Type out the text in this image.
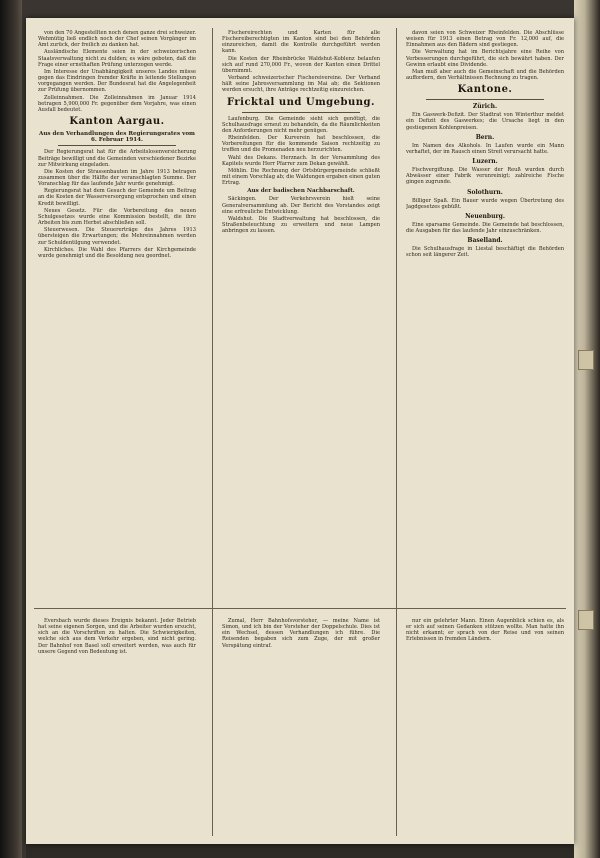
von den 70 Angestellten noch denen ganze drei schweizer. Wehmütig ließ endlich noch der Chef seinen Vorgänger im Amt zurück, der freilich zu danken hat.

Ausländische Elemente seien in der schweizerischen Staatsverwaltung nicht zu dulden; es wäre geboten, daß die Frage einer ernsthaften Prüfung unterzogen werde.

Im Interesse der Unabhängigkeit unseres Landes müsse gegen das Eindringen fremder Kräfte in leitende Stellungen vorgegangen werden. Der Bundesrat hat die Angelegenheit zur Prüfung übernommen.

Zolleinnahmen. Die Zolleinnahmen im Januar 1914 betragen 5,900,000 Fr. gegenüber dem Vorjahre, was einen Ausfall bedeutet.

Kanton Aargau.
Aus den Verhandlungen des Regierungsrates vom 6. Februar 1914.

Der Regierungsrat hat für die Arbeitslosenversicherung Beiträge bewilligt und die Gemeinden verschiedener Bezirke zur Mitwirkung eingeladen.

Die Kosten der Strassenbauten im Jahre 1913 betragen zusammen über die Hälfte der veranschlagten Summe. Der Voranschlag für das laufende Jahr wurde genehmigt.

Regierungsrat hat dem Gesuch der Gemeinde um Beitrag an die Kosten der Wasserversorgung entsprochen und einen Kredit bewilligt.

Neues Gesetz. Für die Vorbereitung des neuen Schulgesetzes wurde eine Kommission bestellt, die ihre Arbeiten bis zum Herbst abschließen soll.

Steuerwesen. Die Steuererträge des Jahres 1913 übersteigen die Erwartungen; die Mehreinnahmen werden zur Schuldentilgung verwendet.

Kirchliches. Die Wahl des Pfarrers der Kirchgemeinde wurde genehmigt und die Besoldung neu geordnet.

Fischereirechten und Karten für alle Fischereiberechtigten im Kanton sind bei den Behörden einzureichen, damit die Kontrolle durchgeführt werden kann.

Die Kosten der Rheinbrücke Waldshut-Koblenz belaufen sich auf rund 270,000 Fr., wovon der Kanton einen Drittel übernimmt.

Verband schweizerischer Fischereivereine. Der Verband hält seine Jahresversammlung im Mai ab; die Sektionen werden ersucht, ihre Anträge rechtzeitig einzureichen.

Fricktal und Umgebung.

Laufenburg. Die Gemeinde sieht sich genötigt, die Schulhausfrage erneut zu behandeln, da die Räumlichkeiten den Anforderungen nicht mehr genügen.

Rheinfelden. Der Kurverein hat beschlossen, die Vorbereitungen für die kommende Saison rechtzeitig zu treffen und die Promenaden neu herzurichten.

Wahl des Dekans. Herznach. In der Versammlung des Kapitels wurde Herr Pfarrer zum Dekan gewählt.

Möhlin. Die Rechnung der Ortsbürgergemeinde schließt mit einem Vorschlag ab; die Waldungen ergaben einen guten Ertrag.

Aus der badischen Nachbarschaft.

Säckingen. Der Verkehrsverein hielt seine Generalversammlung ab. Der Bericht des Vorstandes zeigt eine erfreuliche Entwicklung.

Waldshut. Die Stadtverwaltung hat beschlossen, die Straßenbeleuchtung zu erweitern und neue Lampen anbringen zu lassen.

davon seien von Schweizer Rheinfelden. Die Abschlüsse weisen für 1913 einen Betrag von Fr. 12,000 auf, die Einnahmen aus den Bädern sind gestiegen.

Die Verwaltung hat im Berichtsjahre eine Reihe von Verbesserungen durchgeführt, die sich bewährt haben. Der Gewinn erlaubt eine Dividende.

Man muß aber auch die Gemeinschaft und die Behörden auffordern, den Verhältnissen Rechnung zu tragen.

Kantone.
Zürich.

Ein Gaswerk-Defizit. Der Stadtrat von Winterthur meldet ein Defizit des Gaswerkes; die Ursache liegt in den gestiegenen Kohlenpreisen.

Bern.

Im Namen des Alkohols. In Laufen wurde ein Mann verhaftet, der im Rausch einen Streit verursacht hatte.

Luzern.

Fischvergiftung. Die Wasser der Reuß wurden durch Abwässer einer Fabrik verunreinigt; zahlreiche Fische gingen zugrunde.

Solothurn.

Billiger Spaß. Ein Bauer wurde wegen Übertretung des Jagdgesetzes gebüßt.

Neuenburg.

Eine sparsame Gemeinde. Die Gemeinde hat beschlossen, die Ausgaben für das laufende Jahr einzuschränken.

Baselland.

Die Schulhausfrage in Liestal beschäftigt die Behörden schon seit längerer Zeit.

Eversbach wurde dieses Ereignis bekannt. Jeder Betrieb hat seine eigenen Sorgen, und die Arbeiter wurden ersucht, sich an die Vorschriften zu halten. Die Schwierigkeiten, welche sich aus dem Verkehr ergeben, sind nicht gering. Der Bahnhof von Basel soll erweitert werden, was auch für unsere Gegend von Bedeutung ist.

Zumal, Herr Bahnhofsvorsteher, — meine Name ist Simon, und ich bin der Vorsteher der Doppelschule. Dies ist ein Wechsel, dessen Verhandlungen ich führe. Die Reisenden begaben sich zum Zuge, der mit großer Verspätung eintraf.

nur ein gelehrter Mann. Einen Augenblick schien es, als er sich auf seinen Gedanken stützen wollte. Man hatte ihn nicht erkannt; er sprach von der Reise und von seinen Erlebnissen in fremden Ländern.
